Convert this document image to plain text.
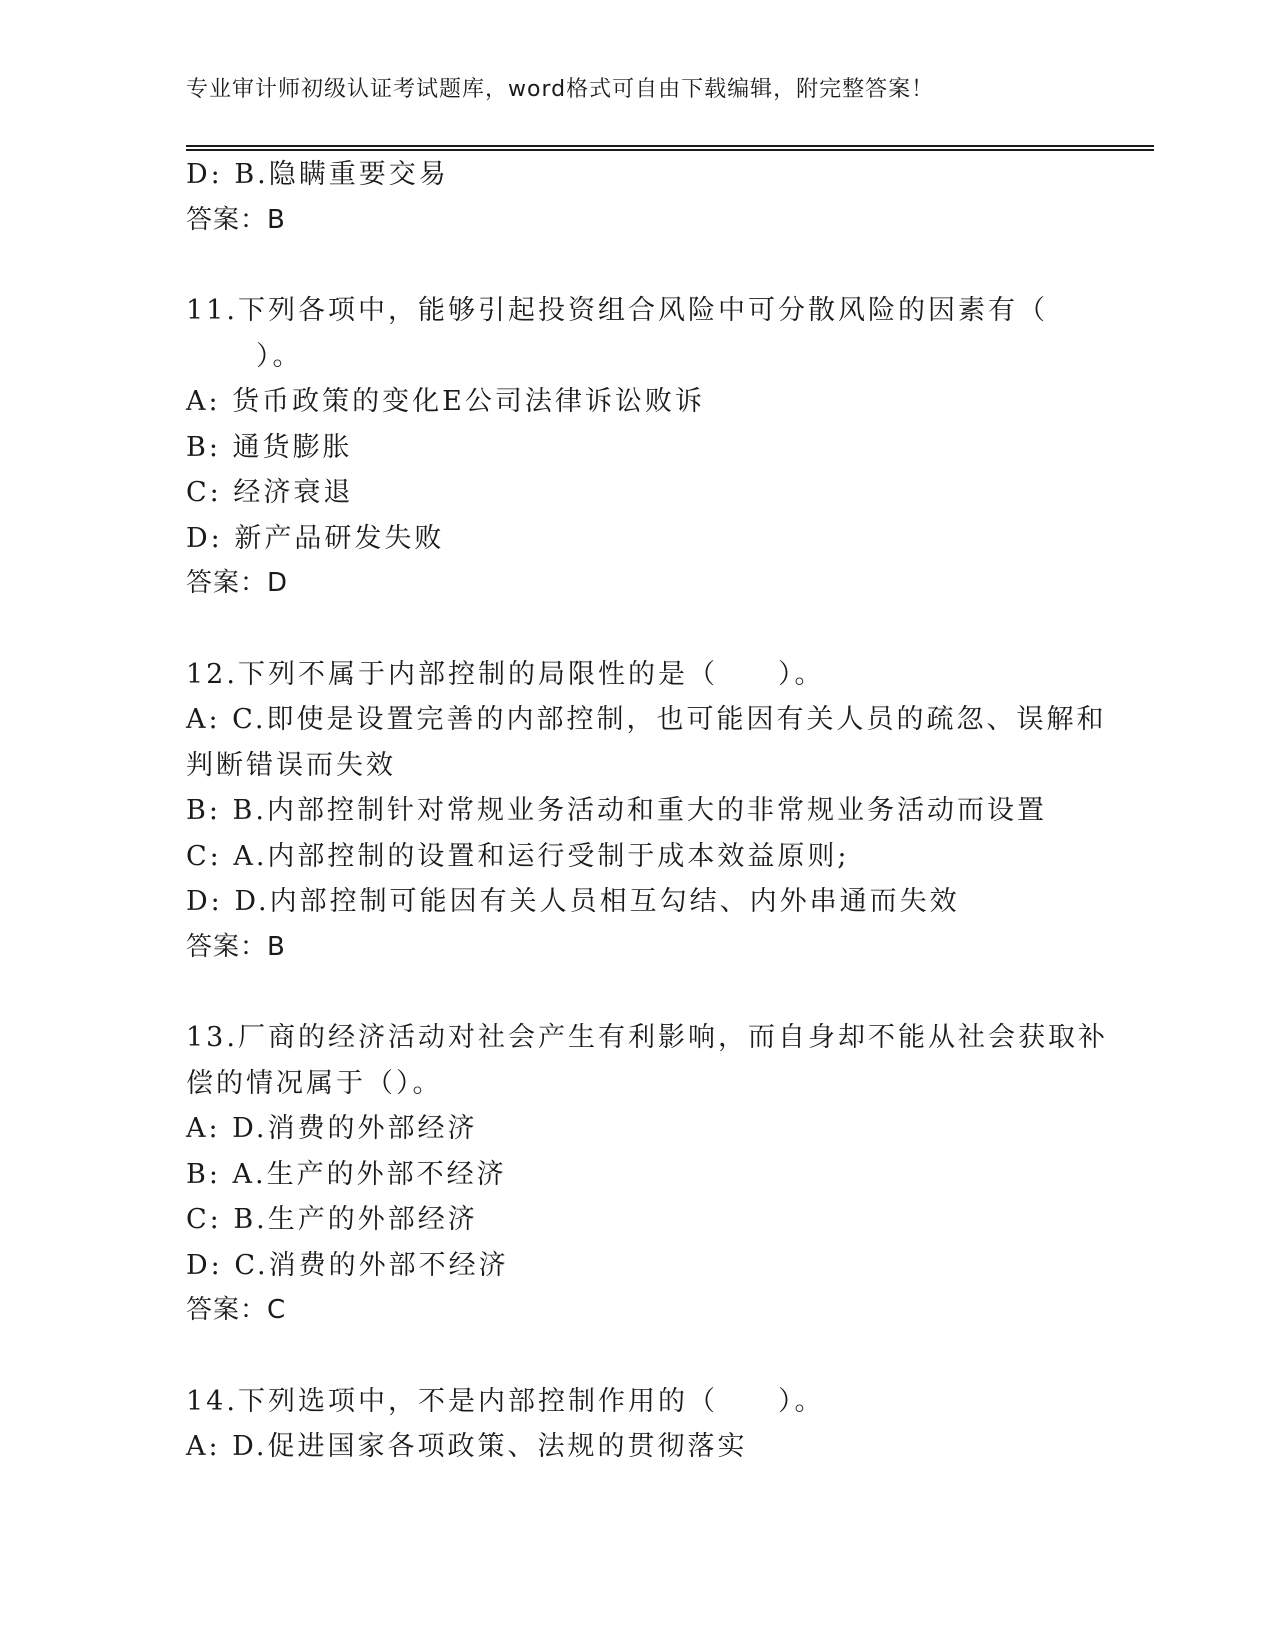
专业审计师初级认证考试题库，word格式可自由下载编辑，附完整答案！
D: B.隐瞒重要交易
答案：B
11.下列各项中，能够引起投资组合风险中可分散风险的因素有（
）。
A: 货币政策的变化E公司法律诉讼败诉
B: 通货膨胀
C: 经济衰退
D: 新产品研发失败
答案：D
12.下列不属于内部控制的局限性的是（　　）。
A: C.即使是设置完善的内部控制，也可能因有关人员的疏忽、误解和
判断错误而失效
B: B.内部控制针对常规业务活动和重大的非常规业务活动而设置
C: A.内部控制的设置和运行受制于成本效益原则;
D: D.内部控制可能因有关人员相互勾结、内外串通而失效
答案：B
13.厂商的经济活动对社会产生有利影响，而自身却不能从社会获取补
偿的情况属于（）。
A: D.消费的外部经济
B: A.生产的外部不经济
C: B.生产的外部经济
D: C.消费的外部不经济
答案：C
14.下列选项中，不是内部控制作用的（　　）。
A: D.促进国家各项政策、法规的贯彻落实
